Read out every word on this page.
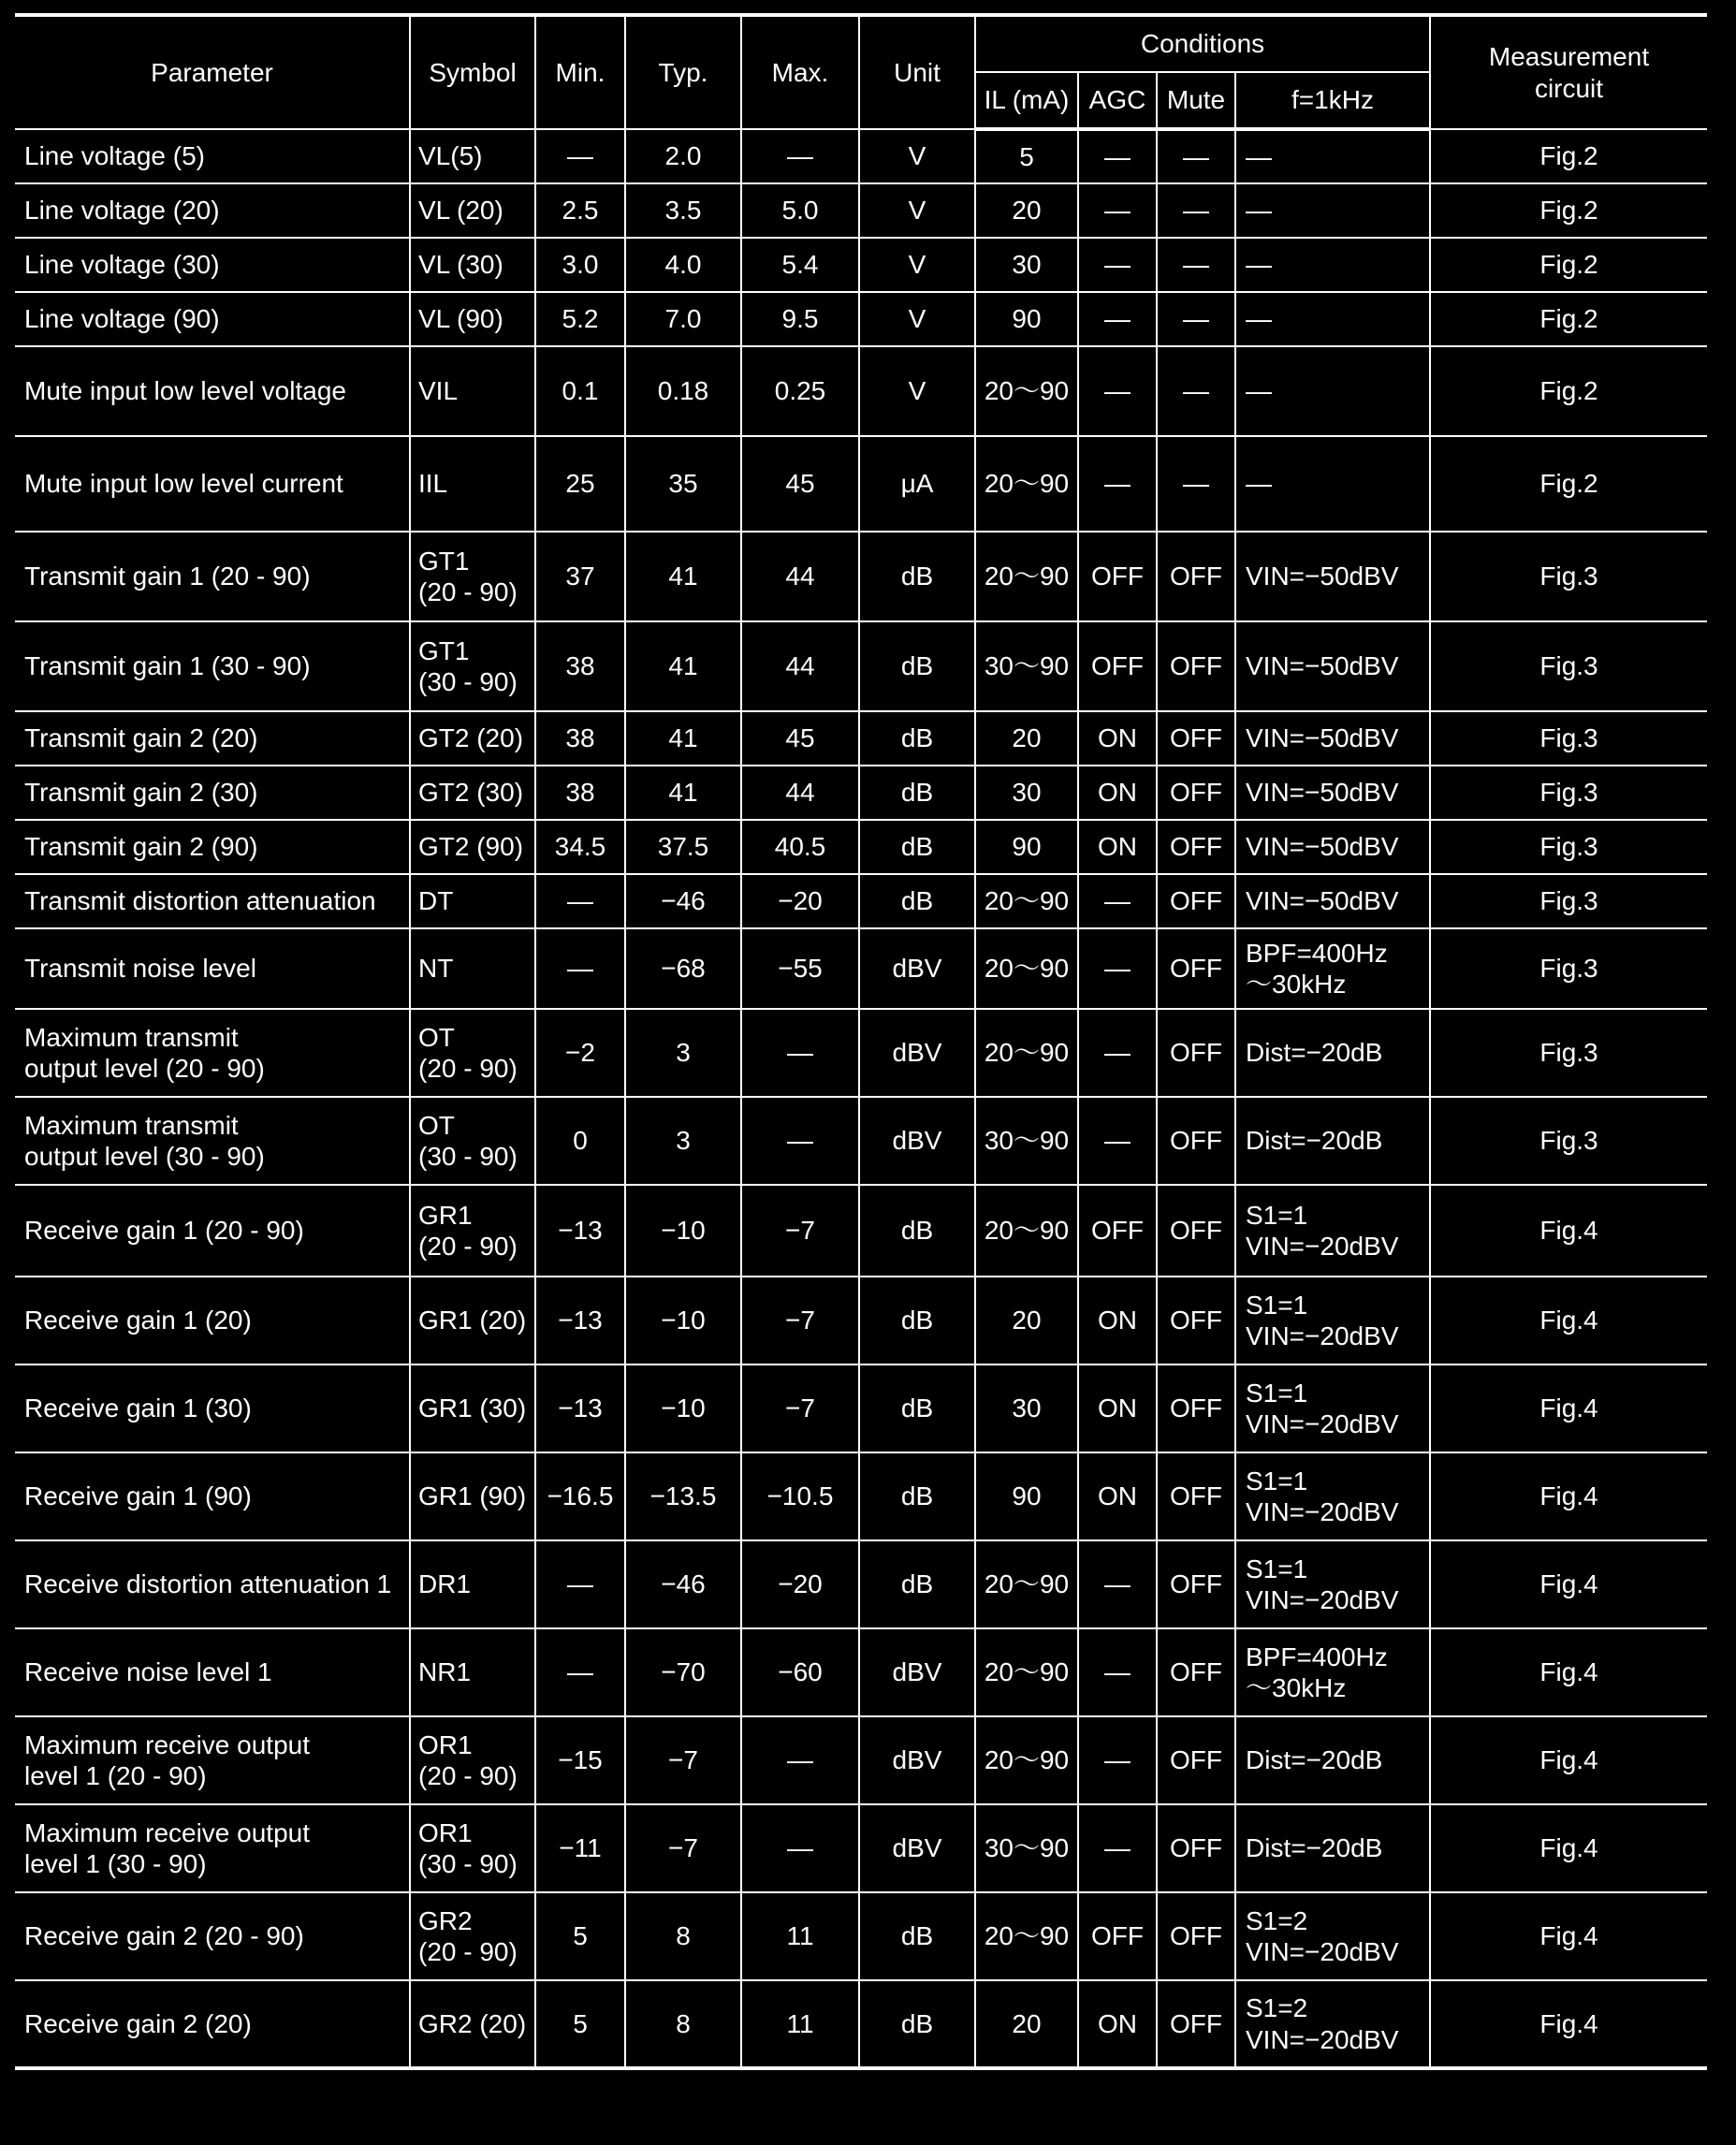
Parameter	Symbol	Min.	Typ.	Max.	Unit	Conditions				Measurement
circuit
						IL (mA)	AGC	Mute	f=1kHz	
Line voltage (5)	VL(5)	—	2.0	—	V	5	—	—	—	Fig.2
Line voltage (20)	VL (20)	2.5	3.5	5.0	V	20	—	—	—	Fig.2
Line voltage (30)	VL (30)	3.0	4.0	5.4	V	30	—	—	—	Fig.2
Line voltage (90)	VL (90)	5.2	7.0	9.5	V	90	—	—	—	Fig.2
Mute input low level voltage	VIL	0.1	0.18	0.25	V	20～90	—	—	—	Fig.2
Mute input low level current	IIL	25	35	45	μA	20～90	—	—	—	Fig.2
Transmit gain 1 (20 - 90)	GT1
(20 - 90)	37	41	44	dB	20～90	OFF	OFF	VIN=−50dBV	Fig.3
Transmit gain 1 (30 - 90)	GT1
(30 - 90)	38	41	44	dB	30～90	OFF	OFF	VIN=−50dBV	Fig.3
Transmit gain 2 (20)	GT2 (20)	38	41	45	dB	20	ON	OFF	VIN=−50dBV	Fig.3
Transmit gain 2 (30)	GT2 (30)	38	41	44	dB	30	ON	OFF	VIN=−50dBV	Fig.3
Transmit gain 2 (90)	GT2 (90)	34.5	37.5	40.5	dB	90	ON	OFF	VIN=−50dBV	Fig.3
Transmit distortion attenuation	DT	—	−46	−20	dB	20～90	—	OFF	VIN=−50dBV	Fig.3
Transmit noise level	NT	—	−68	−55	dBV	20～90	—	OFF	BPF=400Hz
～30kHz	Fig.3
Maximum transmit
output level (20 - 90)	OT
(20 - 90)	−2	3	—	dBV	20～90	—	OFF	Dist=−20dB	Fig.3
Maximum transmit
output level (30 - 90)	OT
(30 - 90)	0	3	—	dBV	30～90	—	OFF	Dist=−20dB	Fig.3
Receive gain 1 (20 - 90)	GR1
(20 - 90)	−13	−10	−7	dB	20～90	OFF	OFF	S1=1
VIN=−20dBV	Fig.4
Receive gain 1 (20)	GR1 (20)	−13	−10	−7	dB	20	ON	OFF	S1=1
VIN=−20dBV	Fig.4
Receive gain 1 (30)	GR1 (30)	−13	−10	−7	dB	30	ON	OFF	S1=1
VIN=−20dBV	Fig.4
Receive gain 1 (90)	GR1 (90)	−16.5	−13.5	−10.5	dB	90	ON	OFF	S1=1
VIN=−20dBV	Fig.4
Receive distortion attenuation 1	DR1	—	−46	−20	dB	20～90	—	OFF	S1=1
VIN=−20dBV	Fig.4
Receive noise level 1	NR1	—	−70	−60	dBV	20～90	—	OFF	BPF=400Hz
～30kHz	Fig.4
Maximum receive output
level 1 (20 - 90)	OR1
(20 - 90)	−15	−7	—	dBV	20～90	—	OFF	Dist=−20dB	Fig.4
Maximum receive output
level 1 (30 - 90)	OR1
(30 - 90)	−11	−7	—	dBV	30～90	—	OFF	Dist=−20dB	Fig.4
Receive gain 2 (20 - 90)	GR2
(20 - 90)	5	8	11	dB	20～90	OFF	OFF	S1=2
VIN=−20dBV	Fig.4
Receive gain 2 (20)	GR2 (20)	5	8	11	dB	20	ON	OFF	S1=2
VIN=−20dBV	Fig.4
